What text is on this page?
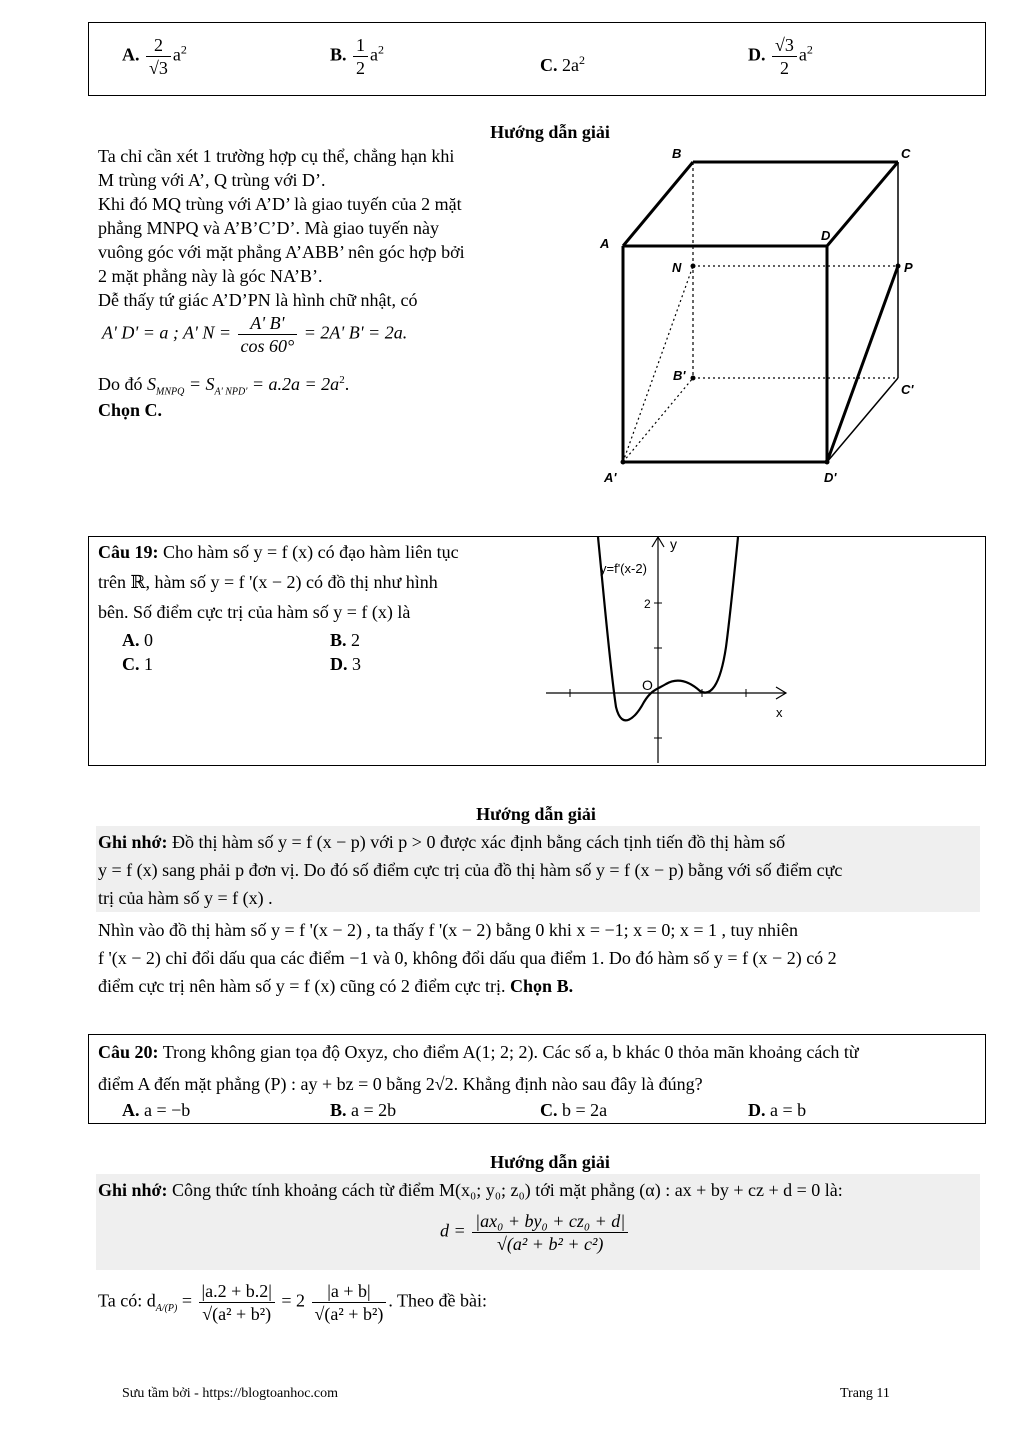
A. $\frac{2}{√3} a^2$	B. $\frac{1}{2} a^2$
C. $2a^2$	D. $\frac{√3}{2} a^2$
Hướng dẫn giải
Ta chỉ cần xét 1 trường hợp cụ thể, chẳng hạn khi
M trùng với A’, Q trùng với D’.
Khi đó MQ trùng với A’D’ là giao tuyến của 2 mặt
phẳng MNPQ và A’B’C’D’. Mà giao tuyến này
vuông góc với mặt phẳng A’ABB’ nên góc hợp bởi
2 mặt phẳng này là góc NA’B’.
Dễ thấy tứ giác A’D’PN là hình chữ nhật, có
A' D' = a ; A' $N = \frac{A' B'}{\cos 60^\circ} = 2A'$ B' = 2a.
Do đó $S_{MNPQ} = S_{A' NPD'} = a.2a = 2a^2$.
Chọn C.
B	C
A
D
N	P
B'
C'
A'	D'
Câu 19: Cho hàm số y = f (x) có đạo hàm liên tục
trên ℝ, hàm số y = f '(x − 2) có đồ thị như hình
bên. Số điểm cực trị của hàm số y = f (x) là
A. 0	B. 2
C. 1	D. 3
y=f'(x-2)
y
x
O
2
Hướng dẫn giải
Ghi nhớ: Đồ thị hàm số y = f (x − p) với p > 0 được xác định bằng cách tịnh tiến đồ thị hàm số
y = f (x) sang phải p đơn vị. Do đó số điểm cực trị của đồ thị hàm số y = f (x − p) bằng với số điểm cực
trị của hàm số y = f (x) .
Nhìn vào đồ thị hàm số y = f '(x − 2) , ta thấy f '(x − 2) bằng 0 khi x = −1; x = 0; x = 1 , tuy nhiên
f '(x − 2) chỉ đổi dấu qua các điểm −1 và 0, không đổi dấu qua điểm 1. Do đó hàm số y = f (x − 2) có 2
điểm cực trị nên hàm số y = f (x) cũng có 2 điểm cực trị. Chọn B.
Câu 20: Trong không gian tọa độ Oxyz, cho điểm A(1; 2; 2). Các số a, b khác 0 thỏa mãn khoảng cách từ
điểm A đến mặt phẳng (P) : ay + bz = 0 bằng 2√2. Khẳng định nào sau đây là đúng?
A. a = −b	B. a = 2b	C. b = 2a	D. a = b
Hướng dẫn giải
Ghi nhớ: Công thức tính khoảng cách từ điểm M(x₀; y₀; z₀) tới mặt phẳng (α) : ax + by + cz + d = 0 là:
$d = \frac{\text{|ax₀ + by₀ + cz₀ + d|}}{\text{√(a² + b² + c²)}}$
Ta có: $d_{A/(P)} = \frac{|a.2 + b.2|}{\text{√(a² + b²)}} = 2 \frac{|a + b|}{\text{√(a² + b²)}}$ . Theo đề bài:
Sưu tầm bởi - https://blogtoanhoc.com	Trang 11
